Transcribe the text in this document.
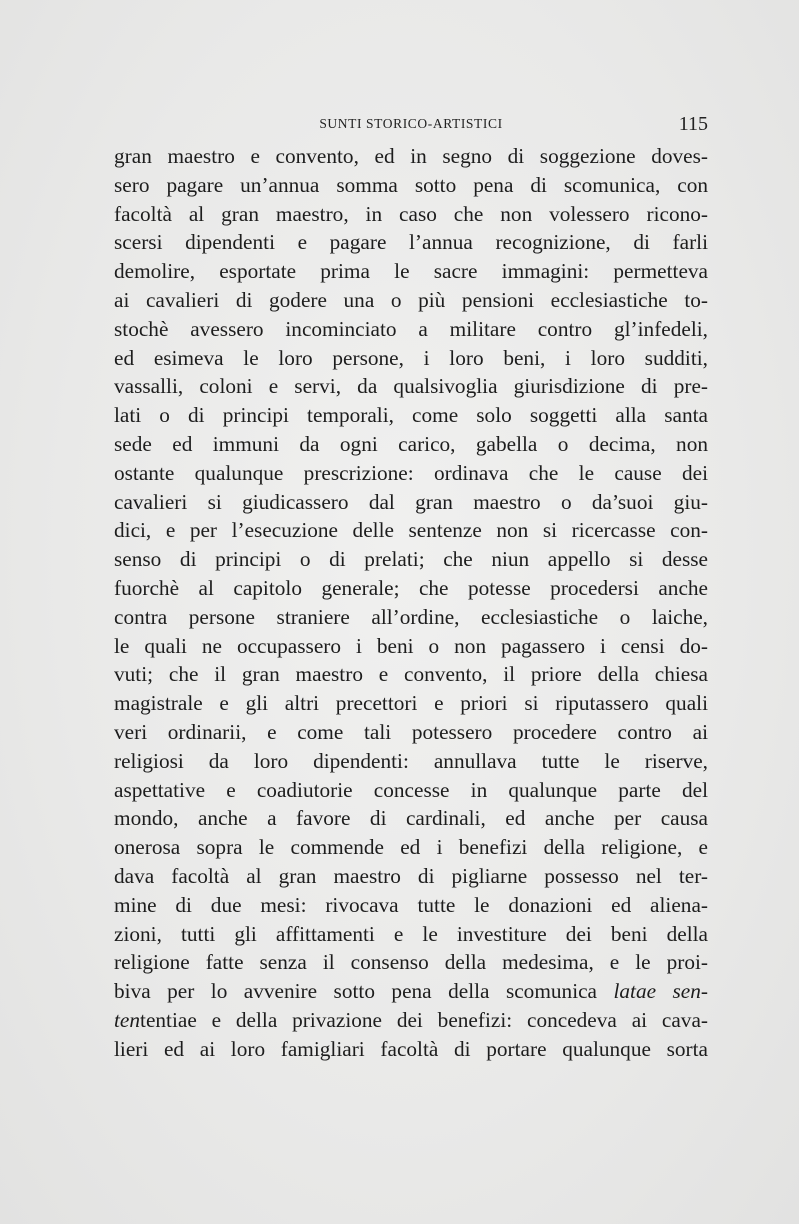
SUNTI STORICO-ARTISTICI	115
gran maestro e convento, ed in segno di soggezione doves-
sero pagare un’annua somma sotto pena di scomunica, con
facoltà al gran maestro, in caso che non volessero ricono-
scersi dipendenti e pagare l’annua recognizione, di farli
demolire, esportate prima le sacre immagini: permetteva
ai cavalieri di godere una o più pensioni ecclesiastiche to-
stochè avessero incominciato a militare contro gl’infedeli,
ed esimeva le loro persone, i loro beni, i loro sudditi,
vassalli, coloni e servi, da qualsivoglia giurisdizione di pre-
lati o di principi temporali, come solo soggetti alla santa
sede ed immuni da ogni carico, gabella o decima, non
ostante qualunque prescrizione: ordinava che le cause dei
cavalieri si giudicassero dal gran maestro o da’suoi giu-
dici, e per l’esecuzione delle sentenze non si ricercasse con-
senso di principi o di prelati; che niun appello si desse
fuorchè al capitolo generale; che potesse procedersi anche
contra persone straniere all’ordine, ecclesiastiche o laiche,
le quali ne occupassero i beni o non pagassero i censi do-
vuti; che il gran maestro e convento, il priore della chiesa
magistrale e gli altri precettori e priori si riputassero quali
veri ordinarii, e come tali potessero procedere contro ai
religiosi da loro dipendenti: annullava tutte le riserve,
aspettative e coadiutorie concesse in qualunque parte del
mondo, anche a favore di cardinali, ed anche per causa
onerosa sopra le commende ed i benefizi della religione, e
dava facoltà al gran maestro di pigliarne possesso nel ter-
mine di due mesi: rivocava tutte le donazioni ed aliena-
zioni, tutti gli affittamenti e le investiture dei beni della
religione fatte senza il consenso della medesima, e le proi-
biva per lo avvenire sotto pena della scomunica latae sen-
tententiae e della privazione dei benefizi: concedeva ai cava-
lieri ed ai loro famigliari facoltà di portare qualunque sorta
